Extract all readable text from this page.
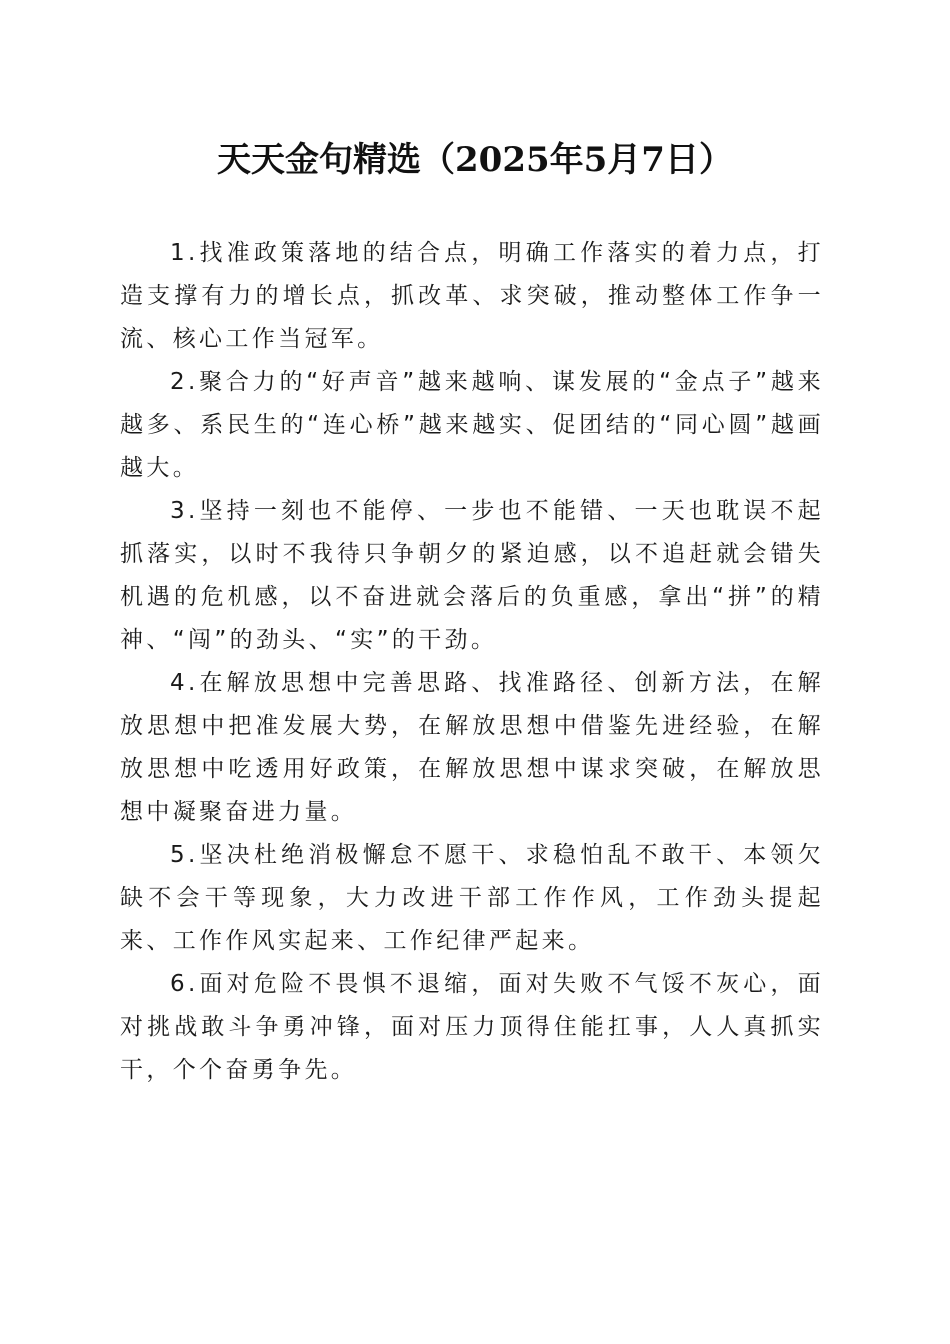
天天金句精选（2025年5月7日）

1.找准政策落地的结合点，明确工作落实的着力点，打造支撑有力的增长点，抓改革、求突破，推动整体工作争一流、核心工作当冠军。

2.聚合力的“好声音”越来越响、谋发展的“金点子”越来越多、系民生的“连心桥”越来越实、促团结的“同心圆”越画越大。

3.坚持一刻也不能停、一步也不能错、一天也耽误不起抓落实，以时不我待只争朝夕的紧迫感，以不追赶就会错失机遇的危机感，以不奋进就会落后的负重感，拿出“拼”的精神、“闯”的劲头、“实”的干劲。

4.在解放思想中完善思路、找准路径、创新方法，在解放思想中把准发展大势，在解放思想中借鉴先进经验，在解放思想中吃透用好政策，在解放思想中谋求突破，在解放思想中凝聚奋进力量。

5.坚决杜绝消极懈怠不愿干、求稳怕乱不敢干、本领欠缺不会干等现象，大力改进干部工作作风，工作劲头提起来、工作作风实起来、工作纪律严起来。

6.面对危险不畏惧不退缩，面对失败不气馁不灰心，面对挑战敢斗争勇冲锋，面对压力顶得住能扛事，人人真抓实干，个个奋勇争先。
